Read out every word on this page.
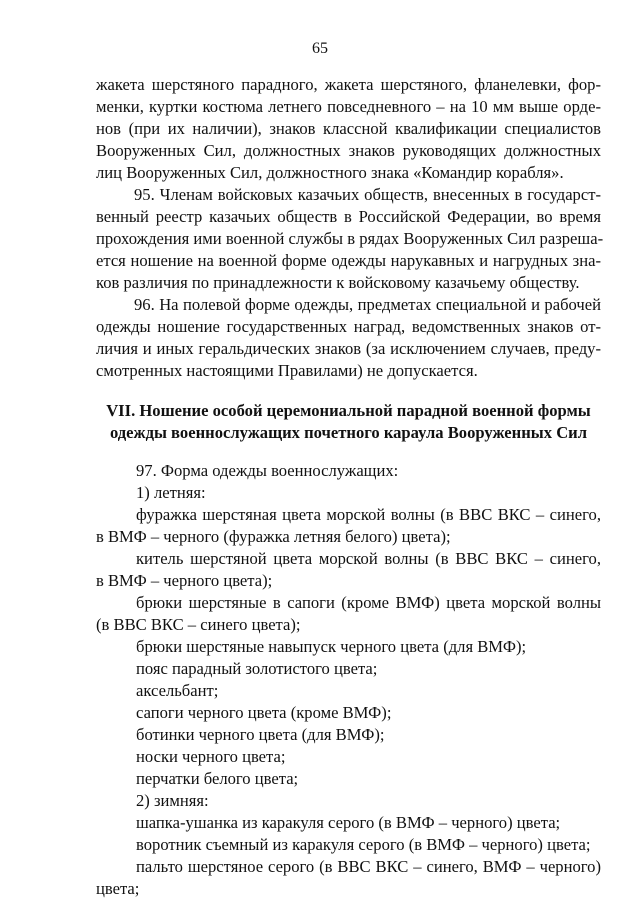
65
жакета шерстяного парадного, жакета шерстяного, фланелевки, фор-
менки, куртки костюма летнего повседневного – на 10 мм выше орде-
нов (при их наличии), знаков классной квалификации специалистов
Вооруженных Сил, должностных знаков руководящих должностных
лиц Вооруженных Сил, должностного знака «Командир корабля».
95. Членам войсковых казачьих обществ, внесенных в государст-
венный реестр казачьих обществ в Российской Федерации, во время
прохождения ими военной службы в рядах Вооруженных Сил разреша-
ется ношение на военной форме одежды нарукавных и нагрудных зна-
ков различия по принадлежности к войсковому казачьему обществу.
96. На полевой форме одежды, предметах специальной и рабочей
одежды ношение государственных наград, ведомственных знаков от-
личия и иных геральдических знаков (за исключением случаев, преду-
смотренных настоящими Правилами) не допускается.
VII. Ношение особой церемониальной парадной военной формы
одежды военнослужащих почетного караула Вооруженных Сил
97. Форма одежды военнослужащих:
1) летняя:
фуражка шерстяная цвета морской волны (в ВВС ВКС – синего,
в ВМФ – черного (фуражка летняя белого) цвета);
китель шерстяной цвета морской волны (в ВВС ВКС – синего,
в ВМФ – черного цвета);
брюки шерстяные в сапоги (кроме ВМФ) цвета морской волны
(в ВВС ВКС – синего цвета);
брюки шерстяные навыпуск черного цвета (для ВМФ);
пояс парадный золотистого цвета;
аксельбант;
сапоги черного цвета (кроме ВМФ);
ботинки черного цвета (для ВМФ);
носки черного цвета;
перчатки белого цвета;
2) зимняя:
шапка-ушанка из каракуля серого (в ВМФ – черного) цвета;
воротник съемный из каракуля серого (в ВМФ – черного) цвета;
пальто шерстяное серого (в ВВС ВКС – синего, ВМФ – черного)
цвета;
